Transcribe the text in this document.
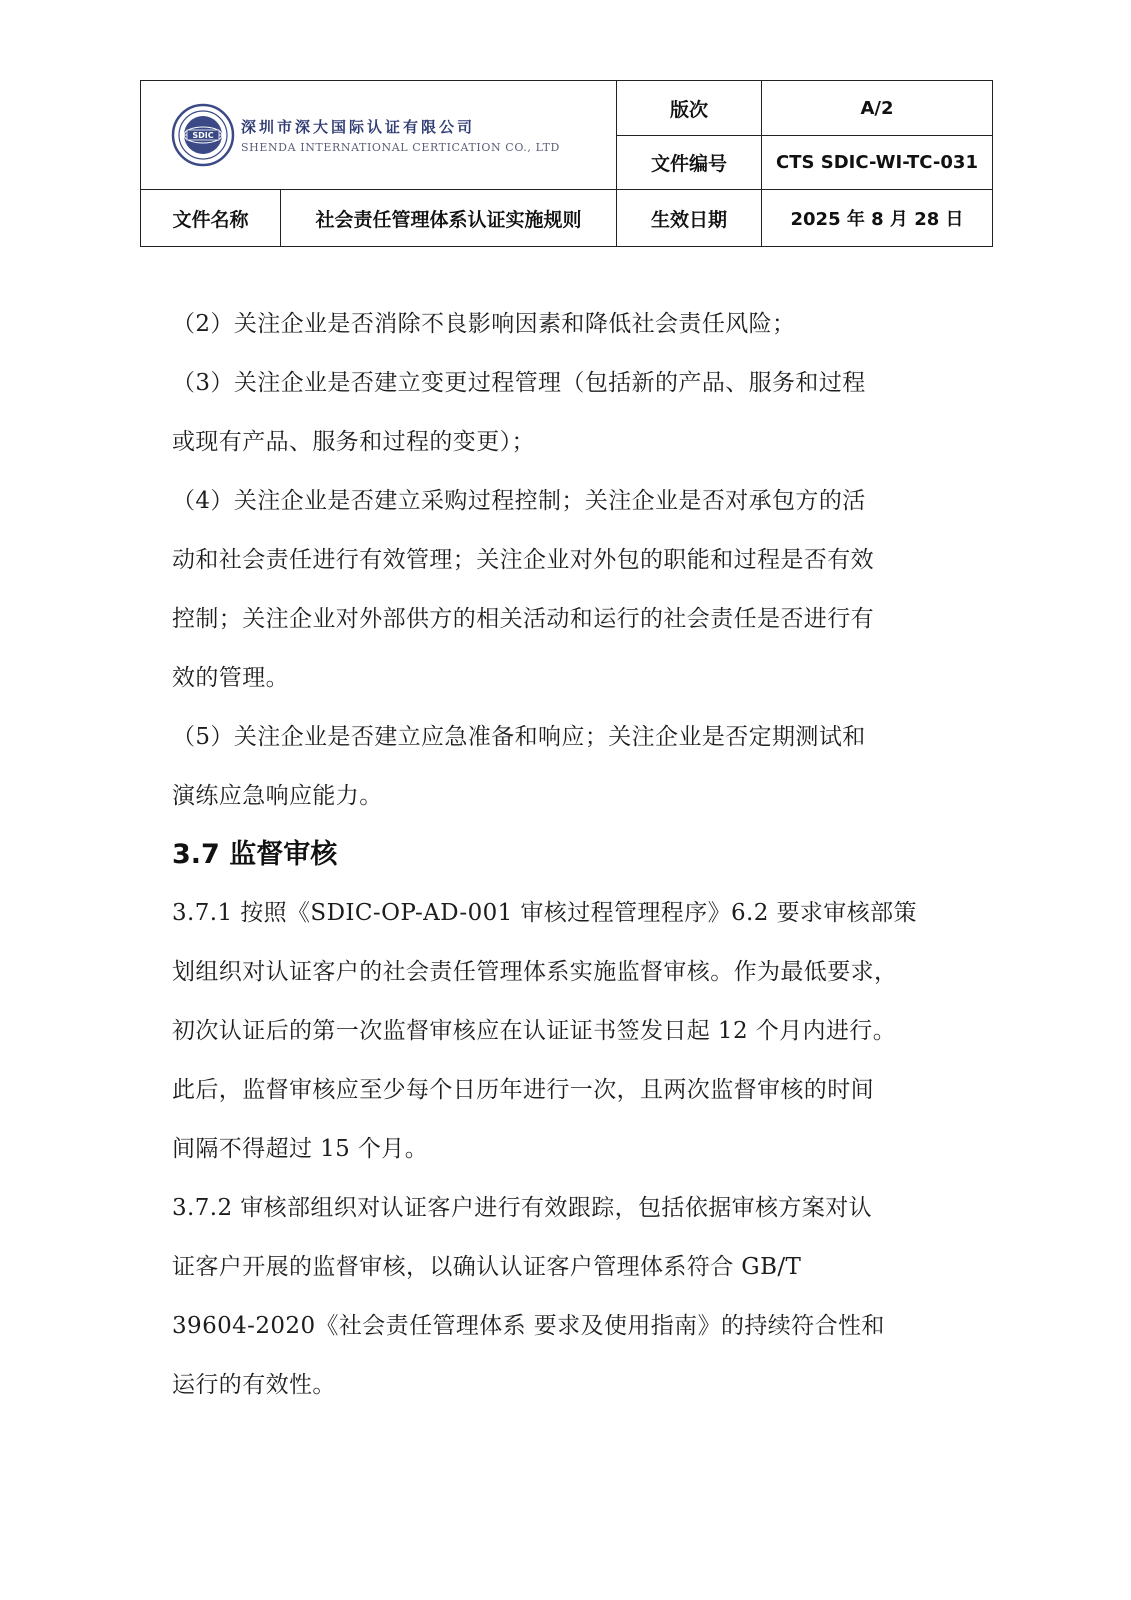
SDIC 深圳市深大国际认证有限公司
SHENDA INTERNATIONAL CERTICATION CO., LTD		版次	A/2
		文件编号	CTS SDIC-WI-TC-031
文件名称	社会责任管理体系认证实施规则	生效日期	2025 年 8 月 28 日

（2）关注企业是否消除不良影响因素和降低社会责任风险；

（3）关注企业是否建立变更过程管理（包括新的产品、服务和过程

或现有产品、服务和过程的变更）；

（4）关注企业是否建立采购过程控制；关注企业是否对承包方的活

动和社会责任进行有效管理；关注企业对外包的职能和过程是否有效

控制；关注企业对外部供方的相关活动和运行的社会责任是否进行有

效的管理。

（5）关注企业是否建立应急准备和响应；关注企业是否定期测试和

演练应急响应能力。

3.7 监督审核

3.7.1 按照《SDIC-OP-AD-001 审核过程管理程序》6.2 要求审核部策

划组织对认证客户的社会责任管理体系实施监督审核。作为最低要求，

初次认证后的第一次监督审核应在认证证书签发日起 12 个月内进行。

此后，监督审核应至少每个日历年进行一次，且两次监督审核的时间

间隔不得超过 15 个月。

3.7.2 审核部组织对认证客户进行有效跟踪，包括依据审核方案对认

证客户开展的监督审核，以确认认证客户管理体系符合 GB/T

39604-2020《社会责任管理体系 要求及使用指南》的持续符合性和

运行的有效性。
